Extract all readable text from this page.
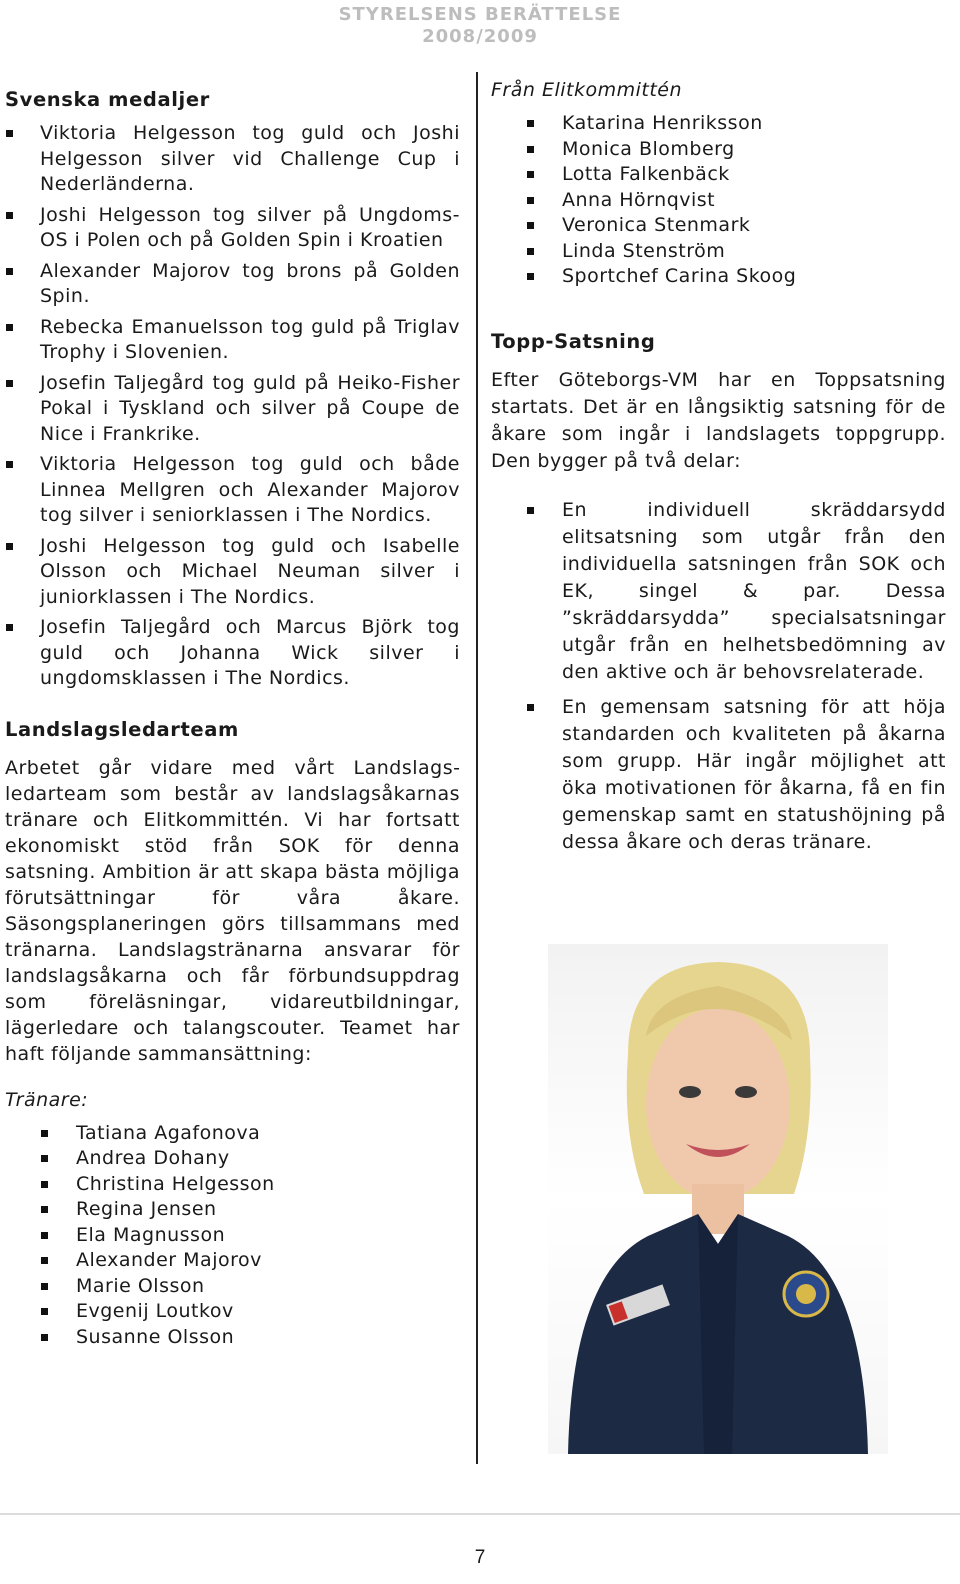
STYRELSENS BERÄTTELSE
2008/2009
Svenska medaljer
Viktoria Helgesson tog guld och Joshi Helgesson silver vid Challenge Cup i Nederländerna.
Joshi Helgesson tog silver på Ungdoms-OS i Polen och på Golden Spin i Kroatien
Alexander Majorov tog brons på Golden Spin.
Rebecka Emanuelsson tog guld på Triglav Trophy i Slovenien.
Josefin Taljegård tog guld på Heiko-Fisher Pokal i Tyskland och silver på Coupe de Nice i Frankrike.
Viktoria Helgesson tog guld och både Linnea Mellgren och Alexander Majorov tog silver i seniorklassen i The Nordics.
Joshi Helgesson tog guld och Isabelle Olsson och Michael Neuman silver i juniorklassen i The Nordics.
Josefin Taljegård och Marcus Björk tog guld och Johanna Wick silver i ungdomsklassen i The Nordics.
Landslagsledarteam

Arbetet går vidare med vårt Landslagsledarteam som består av landslagsåkarnas tränare och Elitkommittén. Vi har fortsatt ekonomiskt stöd från SOK för denna satsning. Ambition är att skapa bästa möjliga förutsättningar för våra åkare. Säsongsplaneringen görs tillsammans med tränarna. Landslagstränarna ansvarar för landslagsåkarna och får förbundsuppdrag som föreläsningar, vidareutbildningar, lägerledare och talangscouter. Teamet har haft följande sammansättning:

Tränare:
Tatiana Agafonova
Andrea Dohany
Christina Helgesson
Regina Jensen
Ela Magnusson
Alexander Majorov
Marie Olsson
Evgenij Loutkov
Susanne Olsson
Från Elitkommittén
Katarina Henriksson
Monica Blomberg
Lotta Falkenbäck
Anna Hörnqvist
Veronica Stenmark
Linda Stenström
Sportchef Carina Skoog
Topp-Satsning

Efter Göteborgs-VM har en Toppsatsning startats. Det är en långsiktig satsning för de åkare som ingår i landslagets toppgrupp. Den bygger på två delar:

En individuell skräddarsydd elitsatsning som utgår från den individuella satsningen från SOK och EK, singel & par. Dessa ”skräddarsydda” specialsatsningar utgår från en helhetsbedömning av den aktive och är behovsrelaterade.
En gemensam satsning för att höja standarden och kvaliteten på åkarna som grupp. Här ingår möjlighet att öka motivationen för åkarna, få en fin gemenskap samt en statushöjning på dessa åkare och deras tränare.
7
